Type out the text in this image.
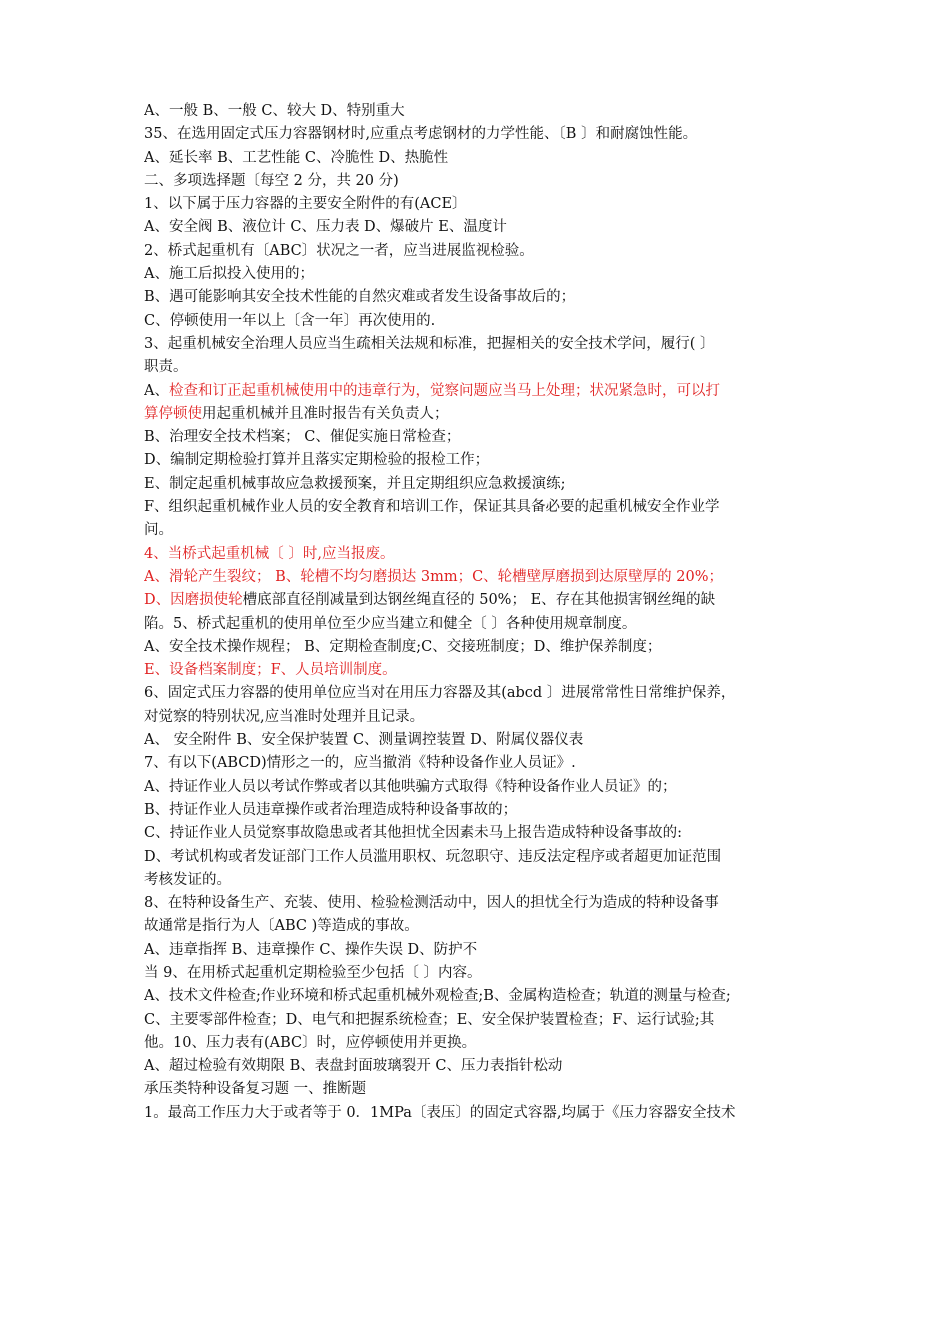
A、一般 B、一般 C、较大 D、特别重大
35、在选用固定式压力容器钢材时,应重点考虑钢材的力学性能、〔B 〕和耐腐蚀性能。
A、延长率 B、工艺性能 C、冷脆性 D、热脆性
二、多项选择题〔每空 2 分，共 20 分)
1、以下属于压力容器的主要安全附件的有(ACE〕
A、安全阀 B、液位计 C、压力表 D、爆破片 E、温度计
2、桥式起重机有〔ABC〕状况之一者，应当进展监视检验。
A、施工后拟投入使用的；
B、遇可能影响其安全技术性能的自然灾难或者发生设备事故后的；
C、停顿使用一年以上〔含一年〕再次使用的.
3、起重机械安全治理人员应当生疏相关法规和标准，把握相关的安全技术学问，履行( 〕
职责。
A、检查和订正起重机械使用中的违章行为，觉察问题应当马上处理；状况紧急时，可以打
算停顿使用起重机械并且准时报告有关负责人；
B、治理安全技术档案； C、催促实施日常检查；
D、编制定期检验打算并且落实定期检验的报检工作；
E、制定起重机械事故应急救援预案，并且定期组织应急救援演练;
F、组织起重机械作业人员的安全教育和培训工作，保证其具备必要的起重机械安全作业学
问。
4、当桥式起重机械〔 〕时,应当报废。
A、滑轮产生裂纹； B、轮槽不均匀磨损达 3mm；C、轮槽壁厚磨损到达原壁厚的 20%；
D、因磨损使轮槽底部直径削减量到达钢丝绳直径的 50%； E、存在其他损害钢丝绳的缺
陷。5、桥式起重机的使用单位至少应当建立和健全〔 〕各种使用规章制度。
A、安全技术操作规程； B、定期检查制度;C、交接班制度；D、维护保养制度；
E、设备档案制度；F、人员培训制度。
6、固定式压力容器的使用单位应当对在用压力容器及其(abcd 〕进展常常性日常维护保养，
对觉察的特别状况,应当准时处理并且记录。
A、 安全附件 B、安全保护装置 C、测量调控装置 D、附属仪器仪表
7、有以下(ABCD)情形之一的，应当撤消《特种设备作业人员证》.
A、持证作业人员以考试作弊或者以其他哄骗方式取得《特种设备作业人员证》的；
B、持证作业人员违章操作或者治理造成特种设备事故的；
C、持证作业人员觉察事故隐患或者其他担忧全因素未马上报告造成特种设备事故的:
D、考试机构或者发证部门工作人员滥用职权、玩忽职守、违反法定程序或者超更加证范围
考核发证的。
8、在特种设备生产、充装、使用、检验检测活动中，因人的担忧全行为造成的特种设备事
故通常是指行为人〔ABC )等造成的事故。
A、违章指挥 B、违章操作 C、操作失误 D、防护不
当 9、在用桥式起重机定期检验至少包括〔 〕内容。
A、技术文件检查;作业环境和桥式起重机械外观检查;B、金属构造检查；轨道的测量与检查;
C、主要零部件检查；D、电气和把握系统检查；E、安全保护装置检查；F、运行试验;其
他。10、压力表有(ABC〕时，应停顿使用并更换。
A、超过检验有效期限 B、表盘封面玻璃裂开 C、压力表指针松动
承压类特种设备复习题 一、推断题
1。最高工作压力大于或者等于 0．1MPa〔表压〕的固定式容器,均属于《压力容器安全技术
